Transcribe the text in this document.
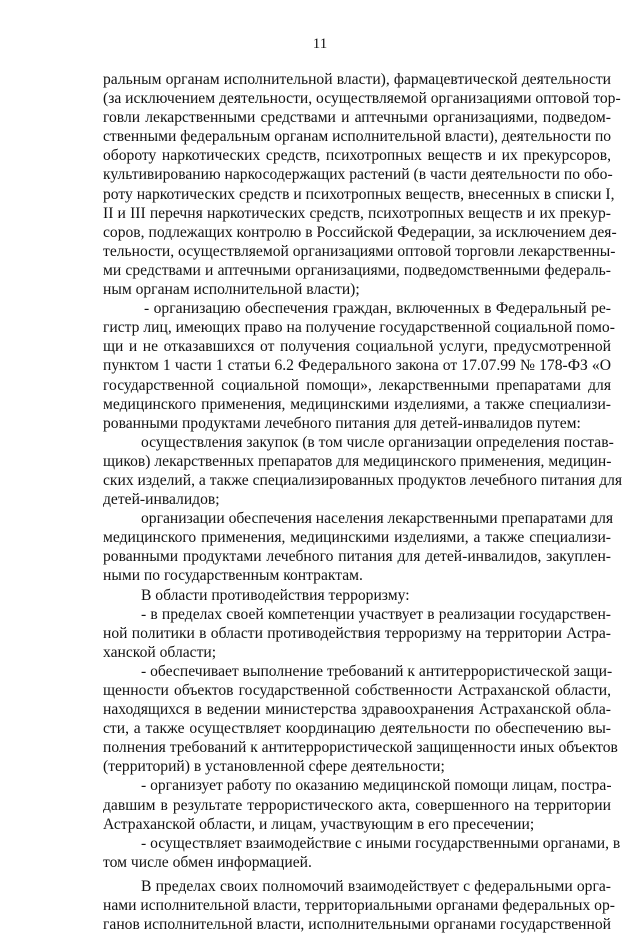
11
ральным органам исполнительной власти), фармацевтической деятельности
(за исключением деятельности, осуществляемой организациями оптовой тор-
говли лекарственными средствами и аптечными организациями, подведом-
ственными федеральным органам исполнительной власти), деятельности по
обороту наркотических средств, психотропных веществ и их прекурсоров,
культивированию наркосодержащих растений (в части деятельности по обо-
роту наркотических средств и психотропных веществ, внесенных в списки I,
II и III перечня наркотических средств, психотропных веществ и их прекур-
соров, подлежащих контролю в Российской Федерации, за исключением дея-
тельности, осуществляемой организациями оптовой торговли лекарственны-
ми средствами и аптечными организациями, подведомственными федераль-
ным органам исполнительной власти);
- организацию обеспечения граждан, включенных в Федеральный ре-
гистр лиц, имеющих право на получение государственной социальной помо-
щи и не отказавшихся от получения социальной услуги, предусмотренной
пунктом 1 части 1 статьи 6.2 Федерального закона от 17.07.99 № 178-ФЗ «О
государственной социальной помощи», лекарственными препаратами для
медицинского применения, медицинскими изделиями, а также специализи-
рованными продуктами лечебного питания для детей-инвалидов путем:
осуществления закупок (в том числе организации определения постав-
щиков) лекарственных препаратов для медицинского применения, медицин-
ских изделий, а также специализированных продуктов лечебного питания для
детей-инвалидов;
организации обеспечения населения лекарственными препаратами для
медицинского применения, медицинскими изделиями, а также специализи-
рованными продуктами лечебного питания для детей-инвалидов, закуплен-
ными по государственным контрактам.
В области противодействия терроризму:
- в пределах своей компетенции участвует в реализации государствен-
ной политики в области противодействия терроризму на территории Астра-
ханской области;
- обеспечивает выполнение требований к антитеррористической защи-
щенности объектов государственной собственности Астраханской области,
находящихся в ведении министерства здравоохранения Астраханской обла-
сти, а также осуществляет координацию деятельности по обеспечению вы-
полнения требований к антитеррористической защищенности иных объектов
(территорий) в установленной сфере деятельности;
- организует работу по оказанию медицинской помощи лицам, постра-
давшим в результате террористического акта, совершенного на территории
Астраханской области, и лицам, участвующим в его пресечении;
- осуществляет взаимодействие с иными государственными органами, в
том числе обмен информацией.
В пределах своих полномочий взаимодействует с федеральными орга-
нами исполнительной власти, территориальными органами федеральных ор-
ганов исполнительной власти, исполнительными органами государственной
